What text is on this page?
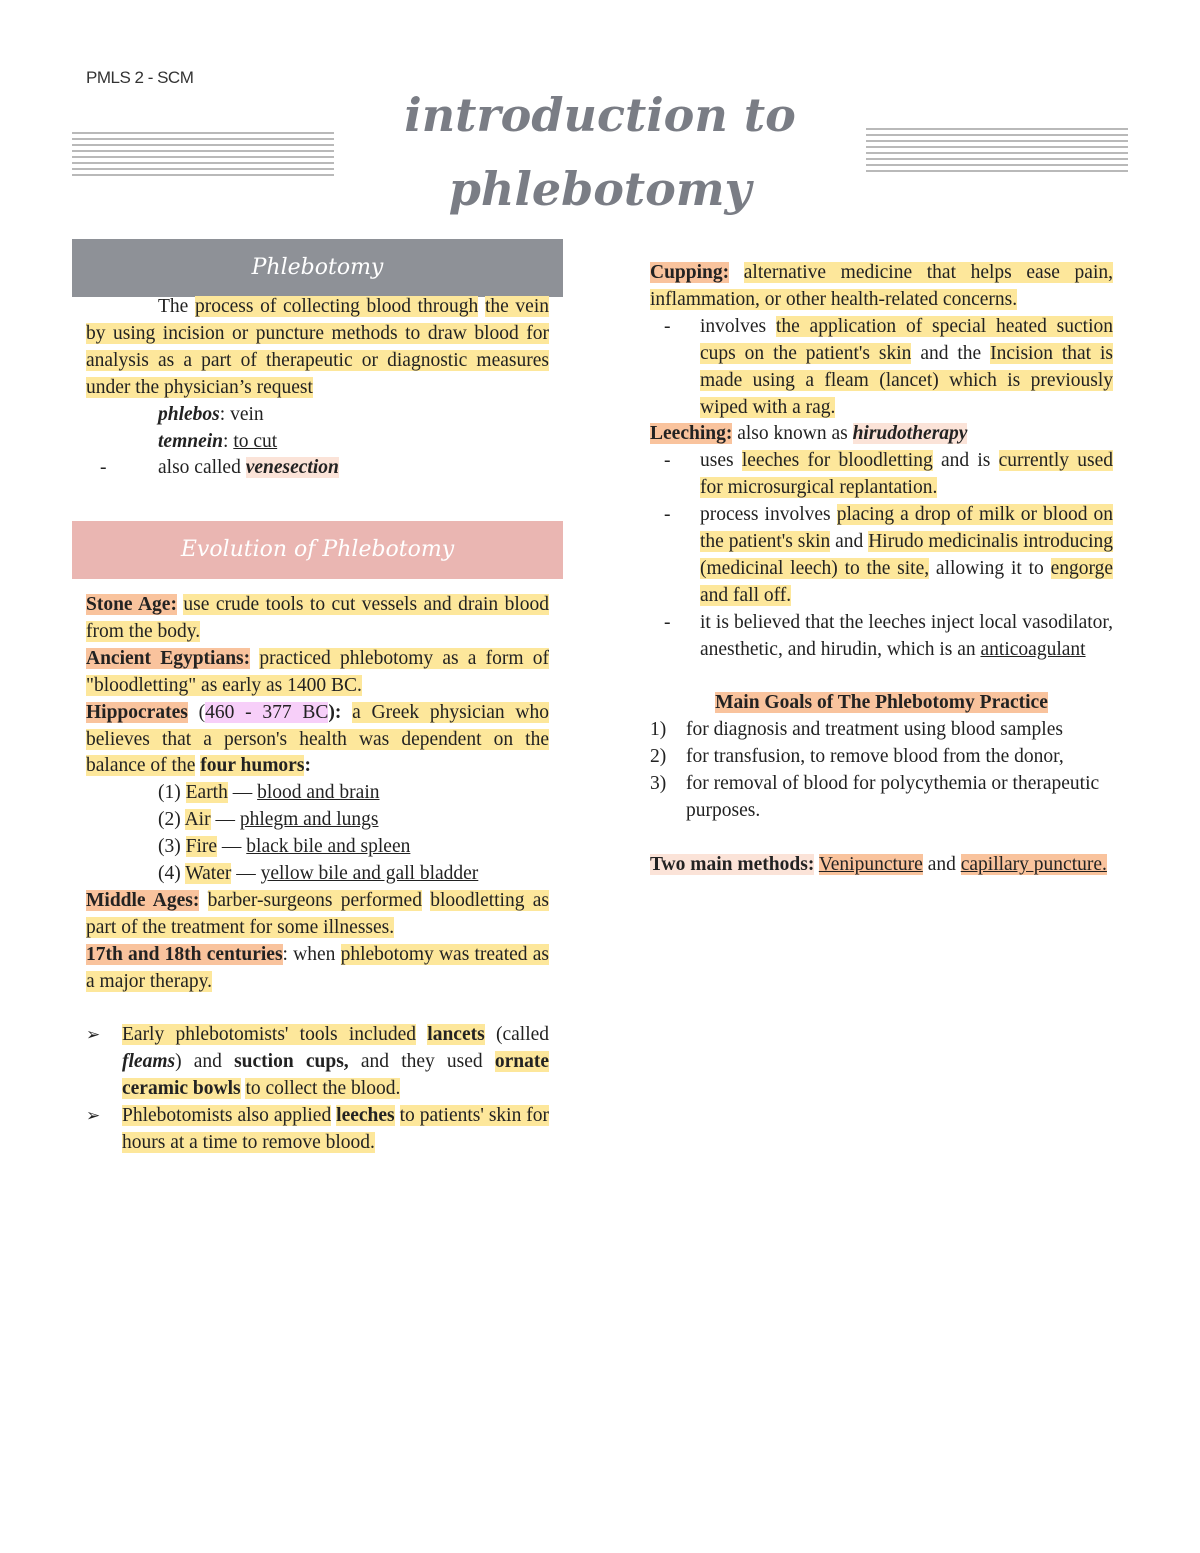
PMLS 2 - SCM
introduction to
phlebotomy
Phlebotomy

The process of collecting blood through the vein by using incision or puncture methods to draw blood for analysis as a part of therapeutic or diagnostic measures under the physician’s request

phlebos: vein

temnein: to cut

-	also called venesection

Evolution of Phlebotomy

Stone Age: use crude tools to cut vessels and drain blood from the body.

Ancient Egyptians: practiced phlebotomy as a form of "bloodletting" as early as 1400 BC.

Hippocrates (460 - 377 BC): a Greek physician who believes that a person's health was dependent on the balance of the four humors:

(1) Earth — blood and brain

(2) Air — phlegm and lungs

(3) Fire — black bile and spleen

(4) Water — yellow bile and gall bladder

Middle Ages: barber-surgeons performed bloodletting as part of the treatment for some illnesses.

17th and 18th centuries: when phlebotomy was treated as a major therapy.

➢ Early phlebotomists' tools included lancets (called fleams) and suction cups, and they used ornate ceramic bowls to collect the blood.

➢ Phlebotomists also applied leeches to patients' skin for hours at a time to remove blood.

Cupping: alternative medicine that helps ease pain, inflammation, or other health-related concerns.

- involves the application of special heated suction cups on the patient's skin and the Incision that is made using a fleam (lancet) which is previously wiped with a rag.

Leeching: also known as hirudotherapy

- uses leeches for bloodletting and is currently used for microsurgical replantation.

- process involves placing a drop of milk or blood on the patient's skin and Hirudo medicinalis introducing (medicinal leech) to the site, allowing it to engorge and fall off.

- it is believed that the leeches inject local vasodilator, anesthetic, and hirudin, which is an anticoagulant

Main Goals of The Phlebotomy Practice

1) for diagnosis and treatment using blood samples

2) for transfusion, to remove blood from the donor,

3) for removal of blood for polycythemia or therapeutic purposes.

Two main methods: Venipuncture and capillary puncture.
